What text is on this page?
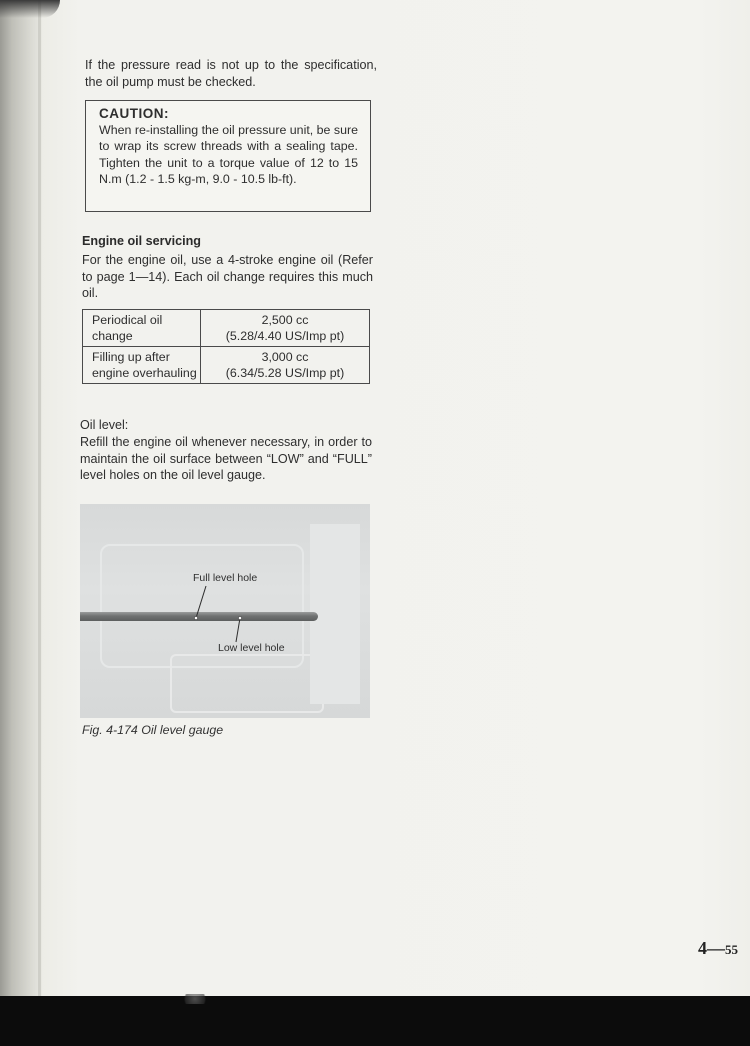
If the pressure read is not up to the specification, the oil pump must be checked.
CAUTION:
When re-installing the oil pressure unit, be sure to wrap its screw threads with a sealing tape. Tighten the unit to a torque value of 12 to 15 N.m (1.2 - 1.5 kg-m, 9.0 - 10.5 lb-ft).
Engine oil servicing
For the engine oil, use a 4-stroke engine oil (Refer to page 1—14). Each oil change requires this much oil.
Periodical oil change	2,500 cc
(5.28/4.40 US/Imp pt)

Filling up after engine overhauling	3,000 cc
(6.34/5.28 US/Imp pt)
Oil level:
Refill the engine oil whenever necessary, in order to maintain the oil surface between “LOW” and “FULL” level holes on the oil level gauge.
Full level hole
Low level hole
Fig. 4-174 Oil level gauge
4—55
